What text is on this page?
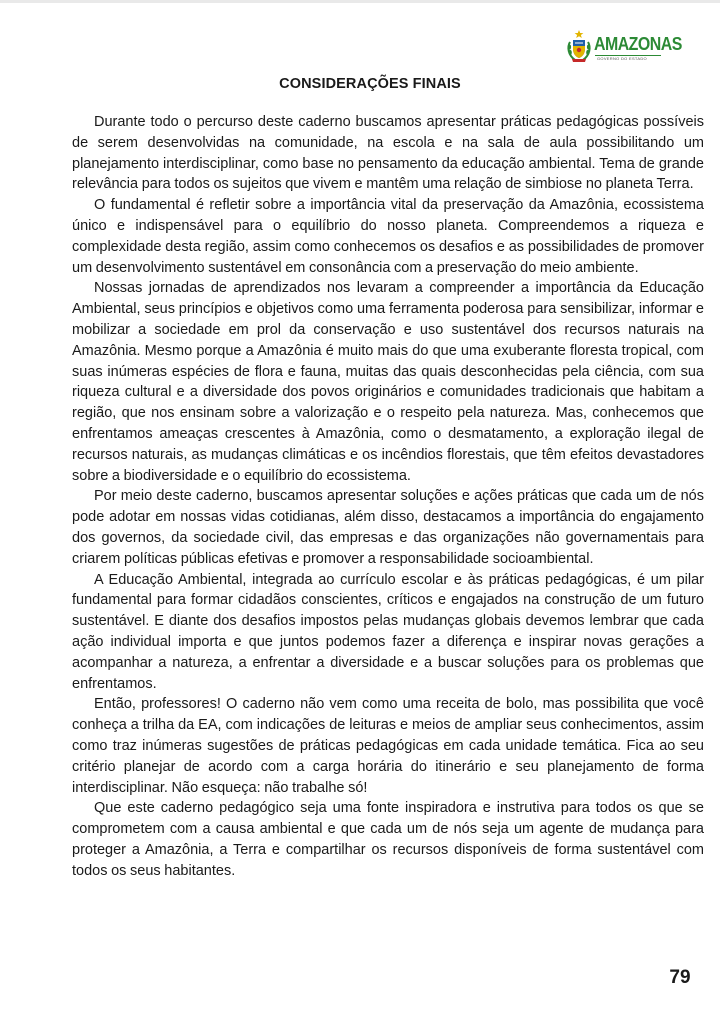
AMAZONAS
GOVERNO DO ESTADO
CONSIDERAÇÕES FINAIS

Durante todo o percurso deste caderno buscamos apresentar práticas pedagógicas possíveis de serem desenvolvidas na comunidade, na escola e na sala de aula possibilitando um planejamento interdisciplinar, como base no pensamento da educação ambiental. Tema de grande relevância para todos os sujeitos que vivem e mantêm uma relação de simbiose no planeta Terra.

O fundamental é refletir sobre a importância vital da preservação da Amazônia, ecossistema único e indispensável para o equilíbrio do nosso planeta. Compreendemos a riqueza e complexidade desta região, assim como conhecemos os desafios e as possibilidades de promover um desenvolvimento sustentável em consonância com a preservação do meio ambiente.

Nossas jornadas de aprendizados nos levaram a compreender a importância da Educação Ambiental, seus princípios e objetivos como uma ferramenta poderosa para sensibilizar, informar e mobilizar a sociedade em prol da conservação e uso sustentável dos recursos naturais na Amazônia. Mesmo porque a Amazônia é muito mais do que uma exuberante floresta tropical, com suas inúmeras espécies de flora e fauna, muitas das quais desconhecidas pela ciência, com sua riqueza cultural e a diversidade dos povos originários e comunidades tradicionais que habitam a região, que nos ensinam sobre a valorização e o respeito pela natureza. Mas, conhecemos que enfrentamos ameaças crescentes à Amazônia, como o desmatamento, a exploração ilegal de recursos naturais, as mudanças climáticas e os incêndios florestais, que têm efeitos devastadores sobre a biodiversidade e o equilíbrio do ecossistema.

Por meio deste caderno, buscamos apresentar soluções e ações práticas que cada um de nós pode adotar em nossas vidas cotidianas, além disso, destacamos a importância do engajamento dos governos, da sociedade civil, das empresas e das organizações não governamentais para criarem políticas públicas efetivas e promover a responsabilidade socioambiental.

A Educação Ambiental, integrada ao currículo escolar e às práticas pedagógicas, é um pilar fundamental para formar cidadãos conscientes, críticos e engajados na construção de um futuro sustentável. E diante dos desafios impostos pelas mudanças globais devemos lembrar que cada ação individual importa e que juntos podemos fazer a diferença e inspirar novas gerações a acompanhar a natureza, a enfrentar a diversidade e a buscar soluções para os problemas que enfrentamos.

Então, professores! O caderno não vem como uma receita de bolo, mas possibilita que você conheça a trilha da EA, com indicações de leituras e meios de ampliar seus conhecimentos, assim como traz inúmeras sugestões de práticas pedagógicas em cada unidade temática. Fica ao seu critério planejar de acordo com a carga horária do itinerário e seu planejamento de forma interdisciplinar. Não esqueça: não trabalhe só!

Que este caderno pedagógico seja uma fonte inspiradora e instrutiva para todos os que se comprometem com a causa ambiental e que cada um de nós seja um agente de mudança para proteger a Amazônia, a Terra e compartilhar os recursos disponíveis de forma sustentável com todos os seus habitantes.

79
